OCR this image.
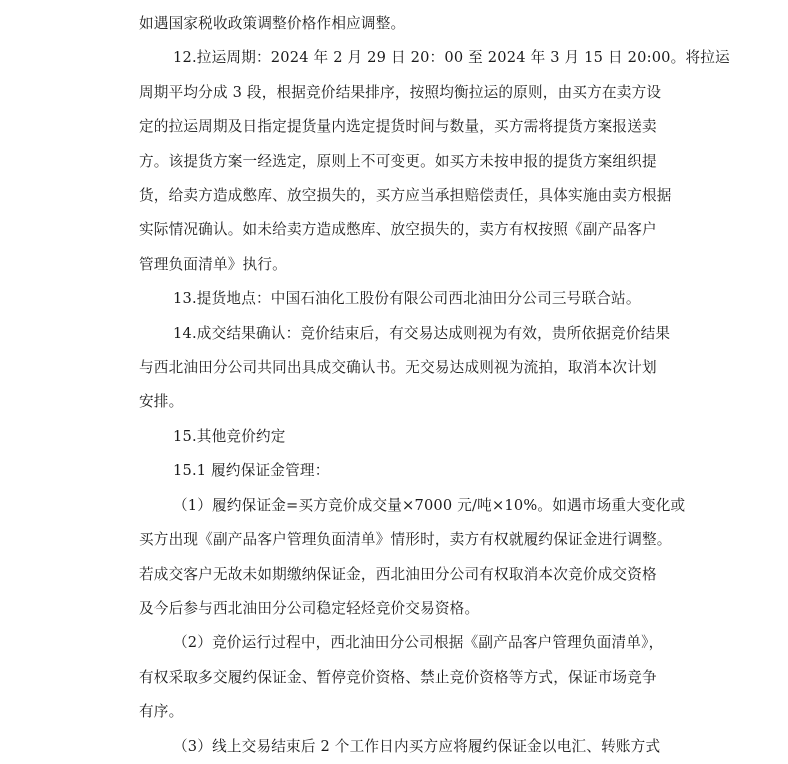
如遇国家税收政策调整价格作相应调整。
12.拉运周期：2024 年 2 月 29 日 20：00 至 2024 年 3 月 15 日 20:00。将拉运
周期平均分成 3 段，根据竞价结果排序，按照均衡拉运的原则，由买方在卖方设
定的拉运周期及日指定提货量内选定提货时间与数量，买方需将提货方案报送卖
方。该提货方案一经选定，原则上不可变更。如买方未按申报的提货方案组织提
货，给卖方造成憋库、放空损失的，买方应当承担赔偿责任，具体实施由卖方根据
实际情况确认。如未给卖方造成憋库、放空损失的，卖方有权按照《副产品客户
管理负面清单》执行。
13.提货地点：中国石油化工股份有限公司西北油田分公司三号联合站。
14.成交结果确认：竞价结束后，有交易达成则视为有效，贵所依据竞价结果
与西北油田分公司共同出具成交确认书。无交易达成则视为流拍，取消本次计划
安排。
15.其他竞价约定
15.1 履约保证金管理：
（1）履约保证金=买方竞价成交量×7000 元/吨×10%。如遇市场重大变化或
买方出现《副产品客户管理负面清单》情形时，卖方有权就履约保证金进行调整。
若成交客户无故未如期缴纳保证金，西北油田分公司有权取消本次竞价成交资格
及今后参与西北油田分公司稳定轻烃竞价交易资格。
（2）竞价运行过程中，西北油田分公司根据《副产品客户管理负面清单》，
有权采取多交履约保证金、暂停竞价资格、禁止竞价资格等方式，保证市场竞争
有序。
（3）线上交易结束后 2 个工作日内买方应将履约保证金以电汇、转账方式
